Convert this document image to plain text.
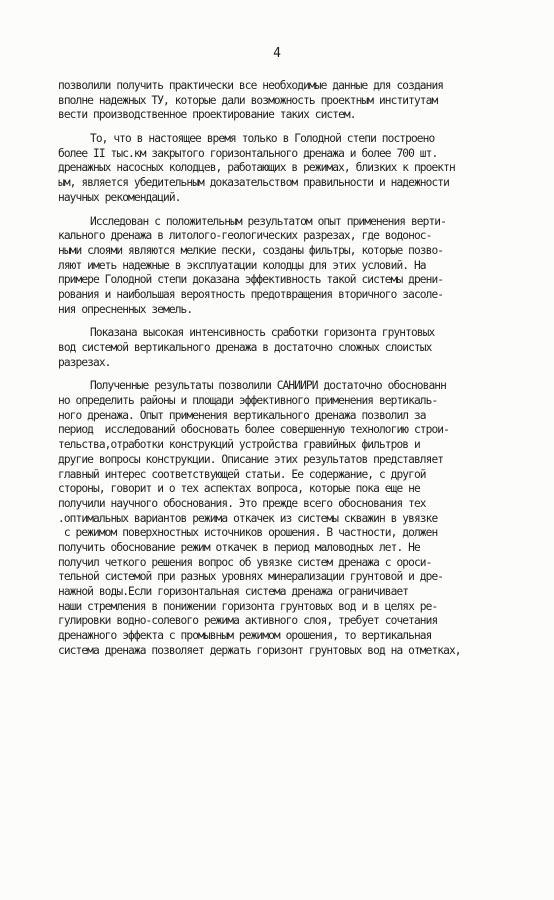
4
позволили получить практически все необходимые данные для создания
вполне надежных ТУ, которые дали возможность проектным институтам
вести производственное проектирование таких систем.
То, что в настоящее время только в Голодной степи построено
более II тыс.км закрытого горизонтального дренажа и более 700 шт.
дренажных насосных колодцев, работающих в режимах, близких к проектн
ым, является убедительным доказательством правильности и надежности
научных рекомендаций.
Исследован с положительным результатом опыт применения верти-
кального дренажа в литолого-геологических разрезах, где водонос-
ными слоями являются мелкие пески, созданы фильтры, которые позво-
ляют иметь надежные в эксплуатации колодцы для этих условий. На
примере Голодной степи доказана эффективность такой системы дрени-
рования и наибольшая вероятность предотвращения вторичного засоле-
ния опресненных земель.
Показана высокая интенсивность сработки горизонта грунтовых
вод системой вертикального дренажа в достаточно сложных слоистых
разрезах.
Полученные результаты позволили САНИИРИ достаточно обоснованн
но определить районы и площади эффективного применения вертикаль-
ного дренажа. Опыт применения вертикального дренажа позволил за
период  исследований обосновать более совершенную технологию строи-
тельства,отработки конструкций устройства гравийных фильтров и
другие вопросы конструкции. Описание этих результатов представляет
главный интерес соответствующей статьи. Ее содержание, с другой
стороны, говорит и о тех аспектах вопроса, которые пока еще не
получили научного обоснования. Это прежде всего обоснования тех
.оптимальных вариантов режима откачек из системы скважин в увязке
с режимом поверхностных источников орошения. В частности, должен
получить обоснование режим откачек в период маловодных лет. Не
получил четкого решения вопрос об увязке систем дренажа с ороси-
тельной системой при разных уровнях минерализации грунтовой и дре-
нажной воды.Если горизонтальная система дренажа ограничивает
наши стремления в понижении горизонта грунтовых вод и в целях ре-
гулировки водно-солевого режима активного слоя, требует сочетания
дренажного эффекта с промывным режимом орошения, то вертикальная
система дренажа позволяет держать горизонт грунтовых вод на отметках,
